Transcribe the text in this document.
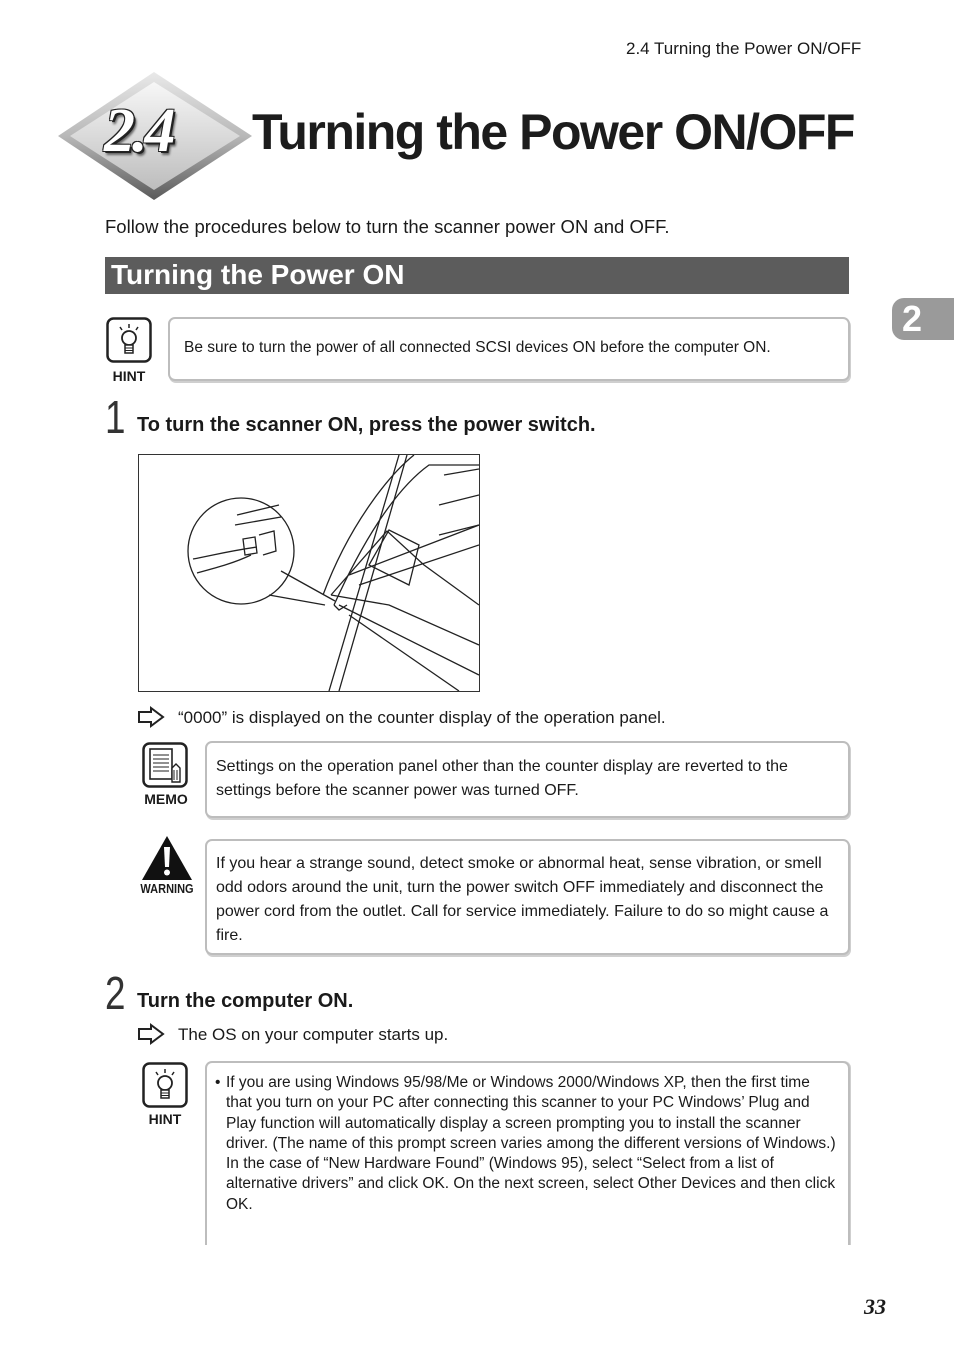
2.4 Turning the Power ON/OFF
2.4 Turning the Power ON/OFF
2
Follow the procedures below to turn the scanner power ON and OFF.
Turning the Power ON
HINT
Be sure to turn the power of all connected SCSI devices ON before the computer ON.
1 To turn the scanner ON, press the power switch.
“0000” is displayed on the counter display of the operation panel.
MEMO
Settings on the operation panel other than the counter display are reverted to the settings before the scanner power was turned OFF.
WARNING
If you hear a strange sound, detect smoke or abnormal heat, sense vibration, or smell odd odors around the unit, turn the power switch OFF immediately and disconnect the power cord from the outlet. Call for service immediately. Failure to do so might cause a fire.
2 Turn the computer ON.
The OS on your computer starts up.
HINT
• If you are using Windows 95/98/Me or Windows 2000/Windows XP, then the first time that you turn on your PC after connecting this scanner to your PC Windows’ Plug and Play function will automatically display a screen prompting you to install the scanner driver. (The name of this prompt screen varies among the different versions of Windows.)
In the case of “New Hardware Found” (Windows 95), select “Select from a list of alternative drivers” and click OK. On the next screen, select Other Devices and then click OK.
33
